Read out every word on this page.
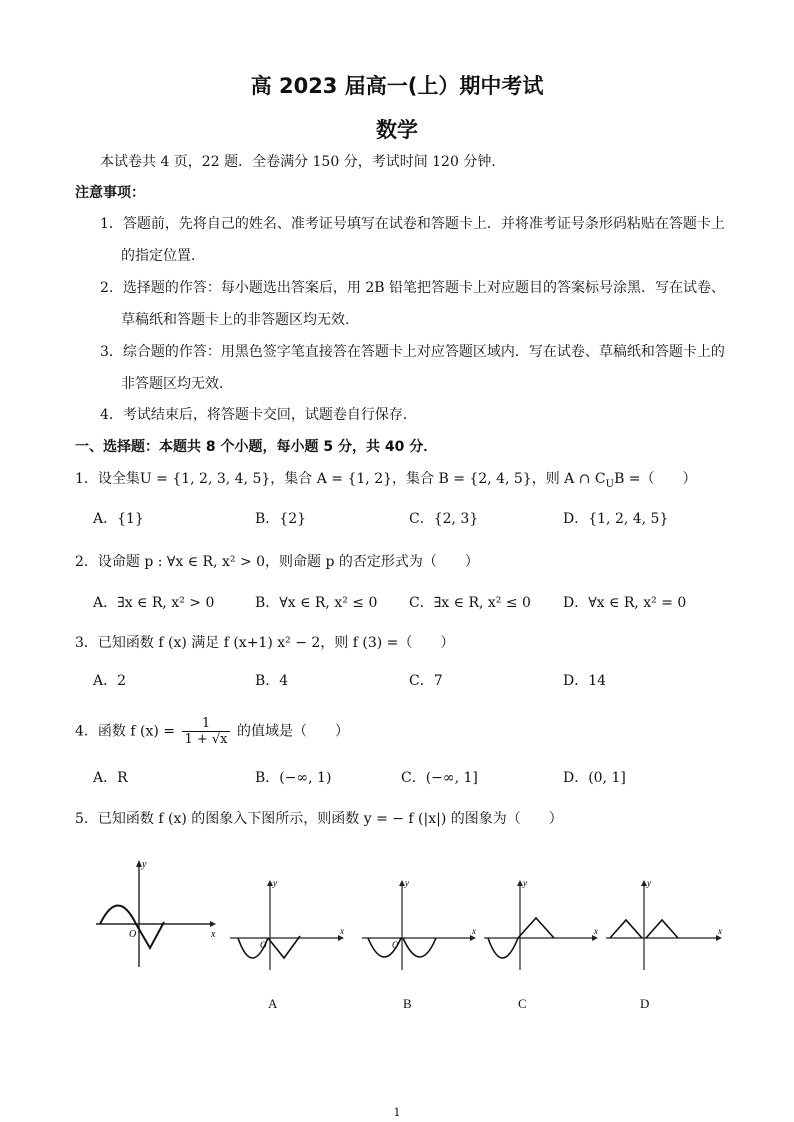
高 2023 届高一(上）期中考试
数学
本试卷共 4 页，22 题．全卷满分 150 分，考试时间 120 分钟．
注意事项：
1．答题前，先将自己的姓名、准考证号填写在试卷和答题卡上．并将准考证号条形码粘贴在答题卡上
的指定位置．
2．选择题的作答：每小题选出答案后，用 2B 铅笔把答题卡上对应题目的答案标号涂黑．写在试卷、
草稿纸和答题卡上的非答题区均无效．
3．综合题的作答：用黑色签字笔直接答在答题卡上对应答题区域内．写在试卷、草稿纸和答题卡上的
非答题区均无效．
4．考试结束后，将答题卡交回，试题卷自行保存．
一、选择题：本题共 8 个小题，每小题 5 分，共 40 分．
1．设全集U = {1, 2, 3, 4, 5}，集合 A = {1, 2}，集合 B = {2, 4, 5}，则 A ∩ $C_UB$ =（　　）
A．{1}	B．{2}	C．{2, 3}	D．{1, 2, 4, 5}
2．设命题 p : ∀x ∈ R, x² > 0，则命题 p 的否定形式为（　　）
A．∃x ∈ R, x² > 0	B．∀x ∈ R, x² ≤ 0 C．∃x ∈ R, x² ≤ 0 D．∀x ∈ R, x² = 0
3．已知函数 f (x) 满足 f (x+1) x² − 2，则 f (3) =（　　）
A．2	B．4	C．7	D．14
4．函数 f $(x) = \frac{1}{1 + √x}$ 的值域是（　　）
A．R	B．(−∞, 1)	C．(−∞, 1]	D．(0, 1]
5．已知函数 f (x) 的图象入下图所示，则函数 y = − f (|x|) 的图象为（　　）
y
x
O
y
x
O
y
x
O
y
x
y
x
A	B	C	D
1
